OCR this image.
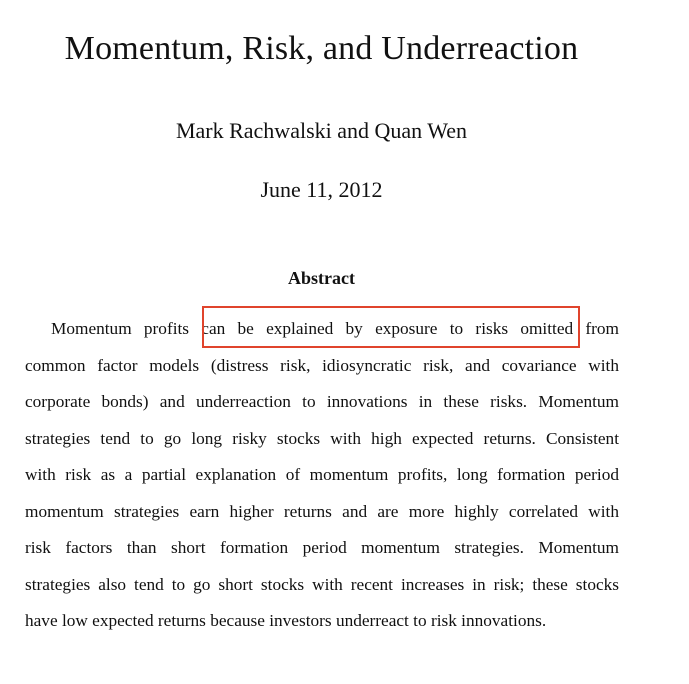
Momentum, Risk, and Underreaction
Mark Rachwalski and Quan Wen
June 11, 2012
Abstract
Momentum profits can be explained by exposure to risks omitted from
common factor models (distress risk, idiosyncratic risk, and covariance with
corporate bonds) and underreaction to innovations in these risks. Momentum
strategies tend to go long risky stocks with high expected returns. Consistent
with risk as a partial explanation of momentum profits, long formation period
momentum strategies earn higher returns and are more highly correlated with
risk factors than short formation period momentum strategies. Momentum
strategies also tend to go short stocks with recent increases in risk; these stocks
have low expected returns because investors underreact to risk innovations.
